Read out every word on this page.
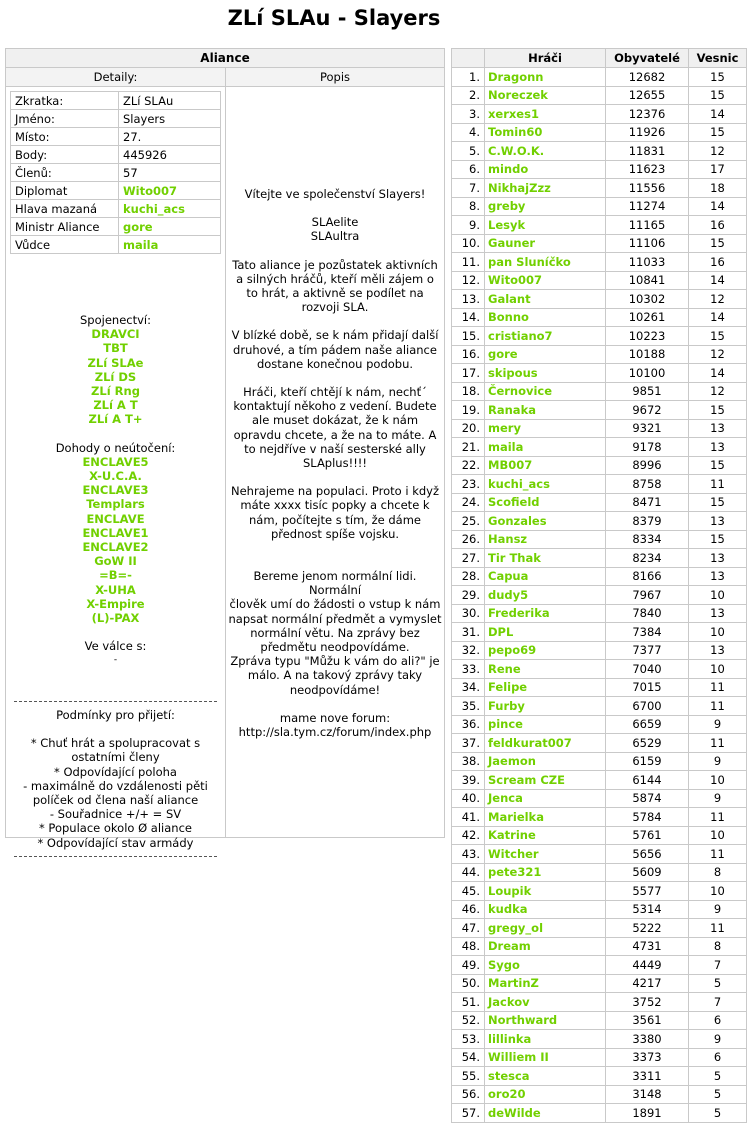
ZLí SLAu - Slayers
Aliance
Detaily:	Popis
Zkratka:	ZLí SLAu
Jméno:	Slayers
Místo:	27.
Body:	445926
Členů:	57
Diplomat	Wito007
Hlava mazaná	kuchi_acs
Ministr Aliance	gore
Vůdce	maila
Spojenectví:
DRAVCI
TBT
ZLí SLAe
ZLí DS
ZLí Rng
ZLí A T
ZLí A T+
Dohody o neútočení:
ENCLAVE5
X-U.C.A.
ENCLAVE3
Templars
ENCLAVE
ENCLAVE1
ENCLAVE2
GoW II
=B=-
X-UHA
X-Empire
(L)-PAX
Ve válce s:
-
Podmínky pro přijetí:
* Chuť hrát a spolupracovat s
ostatními členy
* Odpovídající poloha
- maximálně do vzdálenosti pěti
políček od člena naší aliance
- Souřadnice +/+ = SV
* Populace okolo Ø aliance
* Odpovídající stav armády
Vítejte ve společenství Slayers!
SLAelite
SLAultra
Tato aliance je pozůstatek aktivních
a silných hráčů, kteří měli zájem o
to hrát, a aktivně se podílet na
rozvoji SLA.
V blízké době, se k nám přidají další
druhové, a tím pádem naše aliance
dostane konečnou podobu.
Hráči, kteří chtějí k nám, nechť´
kontaktují někoho z vedení. Budete
ale muset dokázat, že k nám
opravdu chcete, a že na to máte. A
to nejdříve v naší sesterské ally
SLAplus!!!!
Nehrajeme na populaci. Proto i když
máte xxxx tisíc popky a chcete k
nám, počítejte s tím, že dáme
přednost spíše vojsku.
Bereme jenom normální lidi. Normální
člověk umí do žádosti o vstup k nám
napsat normální předmět a vymyslet
normální větu. Na zprávy bez
předmětu neodpovídáme.
Zpráva typu "Můžu k vám do ali?" je
málo. A na takový zprávy taky
neodpovídáme!
mame nove forum:
http://sla.tym.cz/forum/index.php
	Hráči	Obyvatelé	Vesnic
1.	Dragonn	12682	15
2.	Noreczek	12655	15
3.	xerxes1	12376	14
4.	Tomin60	11926	15
5.	C.W.O.K.	11831	12
6.	mindo	11623	17
7.	NikhajZzz	11556	18
8.	greby	11274	14
9.	Lesyk	11165	16
10.	Gauner	11106	15
11.	pan Sluníčko	11033	16
12.	Wito007	10841	14
13.	Galant	10302	12
14.	Bonno	10261	14
15.	cristiano7	10223	15
16.	gore	10188	12
17.	skipous	10100	14
18.	Černovice	9851	12
19.	Ranaka	9672	15
20.	mery	9321	13
21.	maila	9178	13
22.	MB007	8996	15
23.	kuchi_acs	8758	11
24.	Scofield	8471	15
25.	Gonzales	8379	13
26.	Hansz	8334	15
27.	Tir Thak	8234	13
28.	Capua	8166	13
29.	dudy5	7967	10
30.	Frederika	7840	13
31.	DPL	7384	10
32.	pepo69	7377	13
33.	Rene	7040	10
34.	Felipe	7015	11
35.	Furby	6700	11
36.	pince	6659	9
37.	feldkurat007	6529	11
38.	Jaemon	6159	9
39.	Scream CZE	6144	10
40.	Jenca	5874	9
41.	Marielka	5784	11
42.	Katrine	5761	10
43.	Witcher	5656	11
44.	pete321	5609	8
45.	Loupik	5577	10
46.	kudka	5314	9
47.	gregy_ol	5222	11
48.	Dream	4731	8
49.	Sygo	4449	7
50.	MartinZ	4217	5
51.	Jackov	3752	7
52.	Northward	3561	6
53.	lillinka	3380	9
54.	Williem II	3373	6
55.	stesca	3311	5
56.	oro20	3148	5
57.	deWilde	1891	5
